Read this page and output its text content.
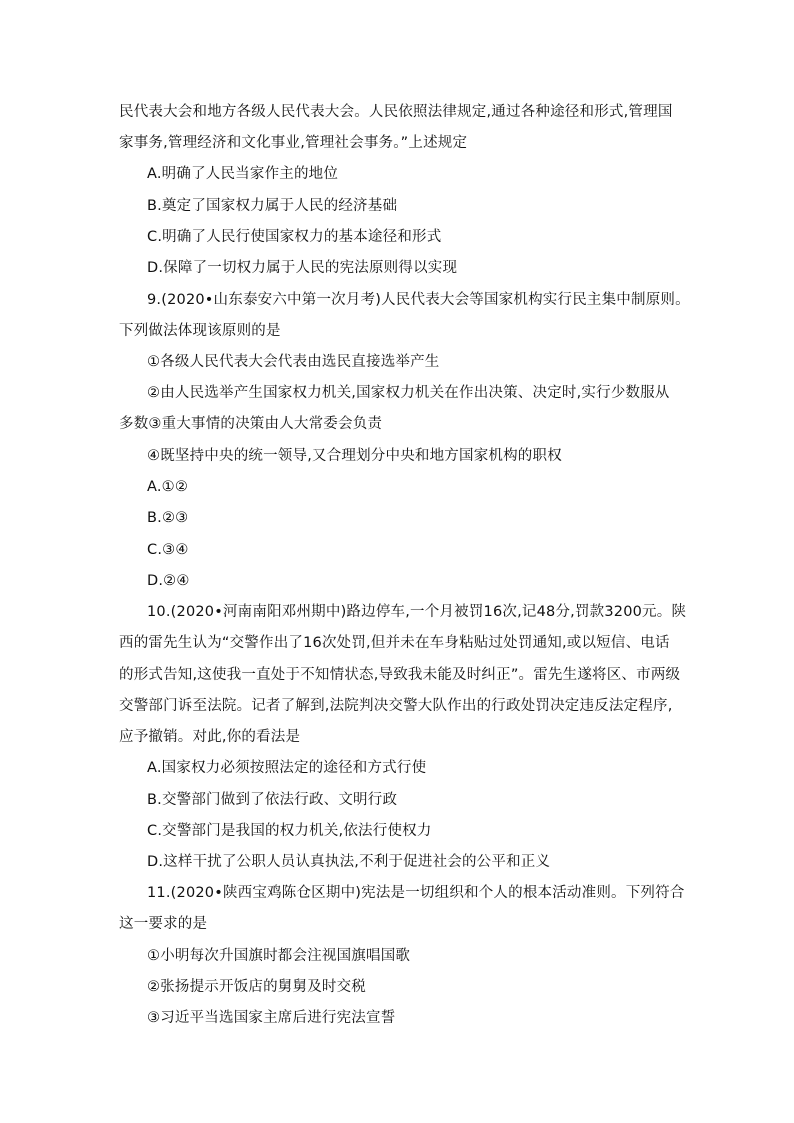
民代表大会和地方各级人民代表大会。人民依照法律规定,通过各种途径和形式,管理国
家事务,管理经济和文化事业,管理社会事务。”上述规定
A.明确了人民当家作主的地位
B.奠定了国家权力属于人民的经济基础
C.明确了人民行使国家权力的基本途径和形式
D.保障了一切权力属于人民的宪法原则得以实现
9.(2020•山东泰安六中第一次月考)人民代表大会等国家机构实行民主集中制原则。
下列做法体现该原则的是
①各级人民代表大会代表由选民直接选举产生
②由人民选举产生国家权力机关,国家权力机关在作出决策、决定时,实行少数服从
多数③重大事情的决策由人大常委会负责
④既坚持中央的统一领导,又合理划分中央和地方国家机构的职权
A.①②
B.②③
C.③④
D.②④
10.(2020•河南南阳邓州期中)路边停车,一个月被罚16次,记48分,罚款3200元。陕
西的雷先生认为“交警作出了16次处罚,但并未在车身粘贴过处罚通知,或以短信、电话
的形式告知,这使我一直处于不知情状态,导致我未能及时纠正”。雷先生遂将区、市两级
交警部门诉至法院。记者了解到,法院判决交警大队作出的行政处罚决定违反法定程序,
应予撤销。对此,你的看法是
A.国家权力必须按照法定的途径和方式行使
B.交警部门做到了依法行政、文明行政
C.交警部门是我国的权力机关,依法行使权力
D.这样干扰了公职人员认真执法,不利于促进社会的公平和正义
11.(2020•陕西宝鸡陈仓区期中)宪法是一切组织和个人的根本活动准则。下列符合
这一要求的是
①小明每次升国旗时都会注视国旗唱国歌
②张扬提示开饭店的舅舅及时交税
③习近平当选国家主席后进行宪法宣誓
